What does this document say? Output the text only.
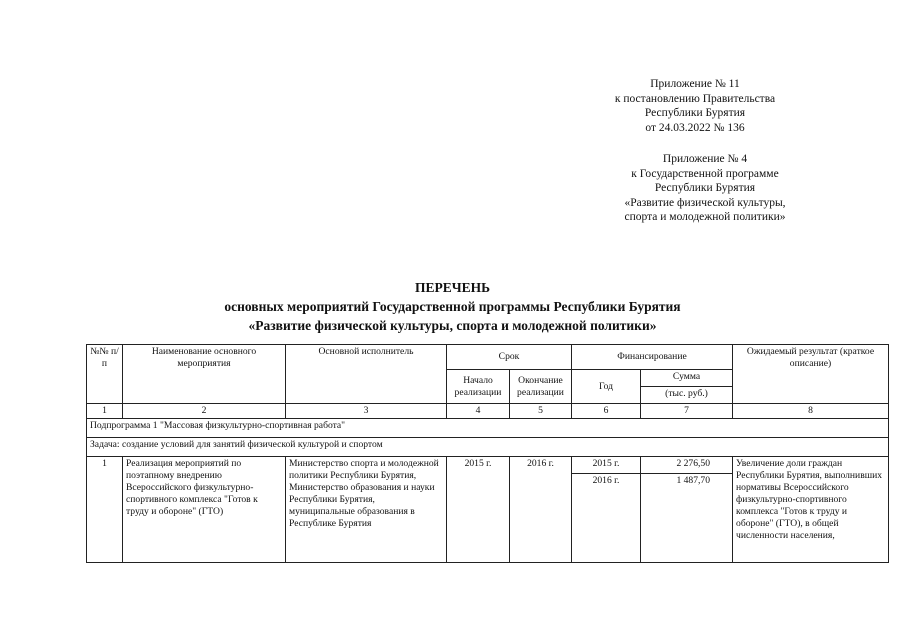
Приложение № 11
к постановлению Правительства
Республики Бурятия
от 24.03.2022 № 136
Приложение № 4
к Государственной программе
Республики Бурятия
«Развитие физической культуры,
спорта и молодежной политики»
ПЕРЕЧЕНЬ
основных мероприятий Государственной программы Республики Бурятия
«Развитие физической культуры, спорта и молодежной политики»
№№ п/п	Наименование основного мероприятия	Основной исполнитель	Срок		Финансирование		Ожидаемый результат (краткое описание)
			Начало реализации	Окончание реализации	Год	Сумма	
						(тыс. руб.)	
1	2	3	4	5	6	7	8
Подпрограмма 1 "Массовая физкультурно-спортивная работа"							
Задача: создание условий для занятий физической культурой и спортом							
1	Реализация мероприятий по поэтапному внедрению Всероссийского физкультурно-спортивного комплекса "Готов к труду и обороне" (ГТО)	Министерство спорта и молодежной политики Республики Бурятия, Министерство образования и науки Республики Бурятия, муниципальные образования в Республике Бурятия	2015 г.	2016 г.	2015 г.	2 276,50	Увеличение доли граждан Республики Бурятия, выполнивших нормативы Всероссийского физкультурно-спортивного комплекса "Готов к труду и обороне" (ГТО), в общей численности населения,
					2016 г.	1 487,70	
